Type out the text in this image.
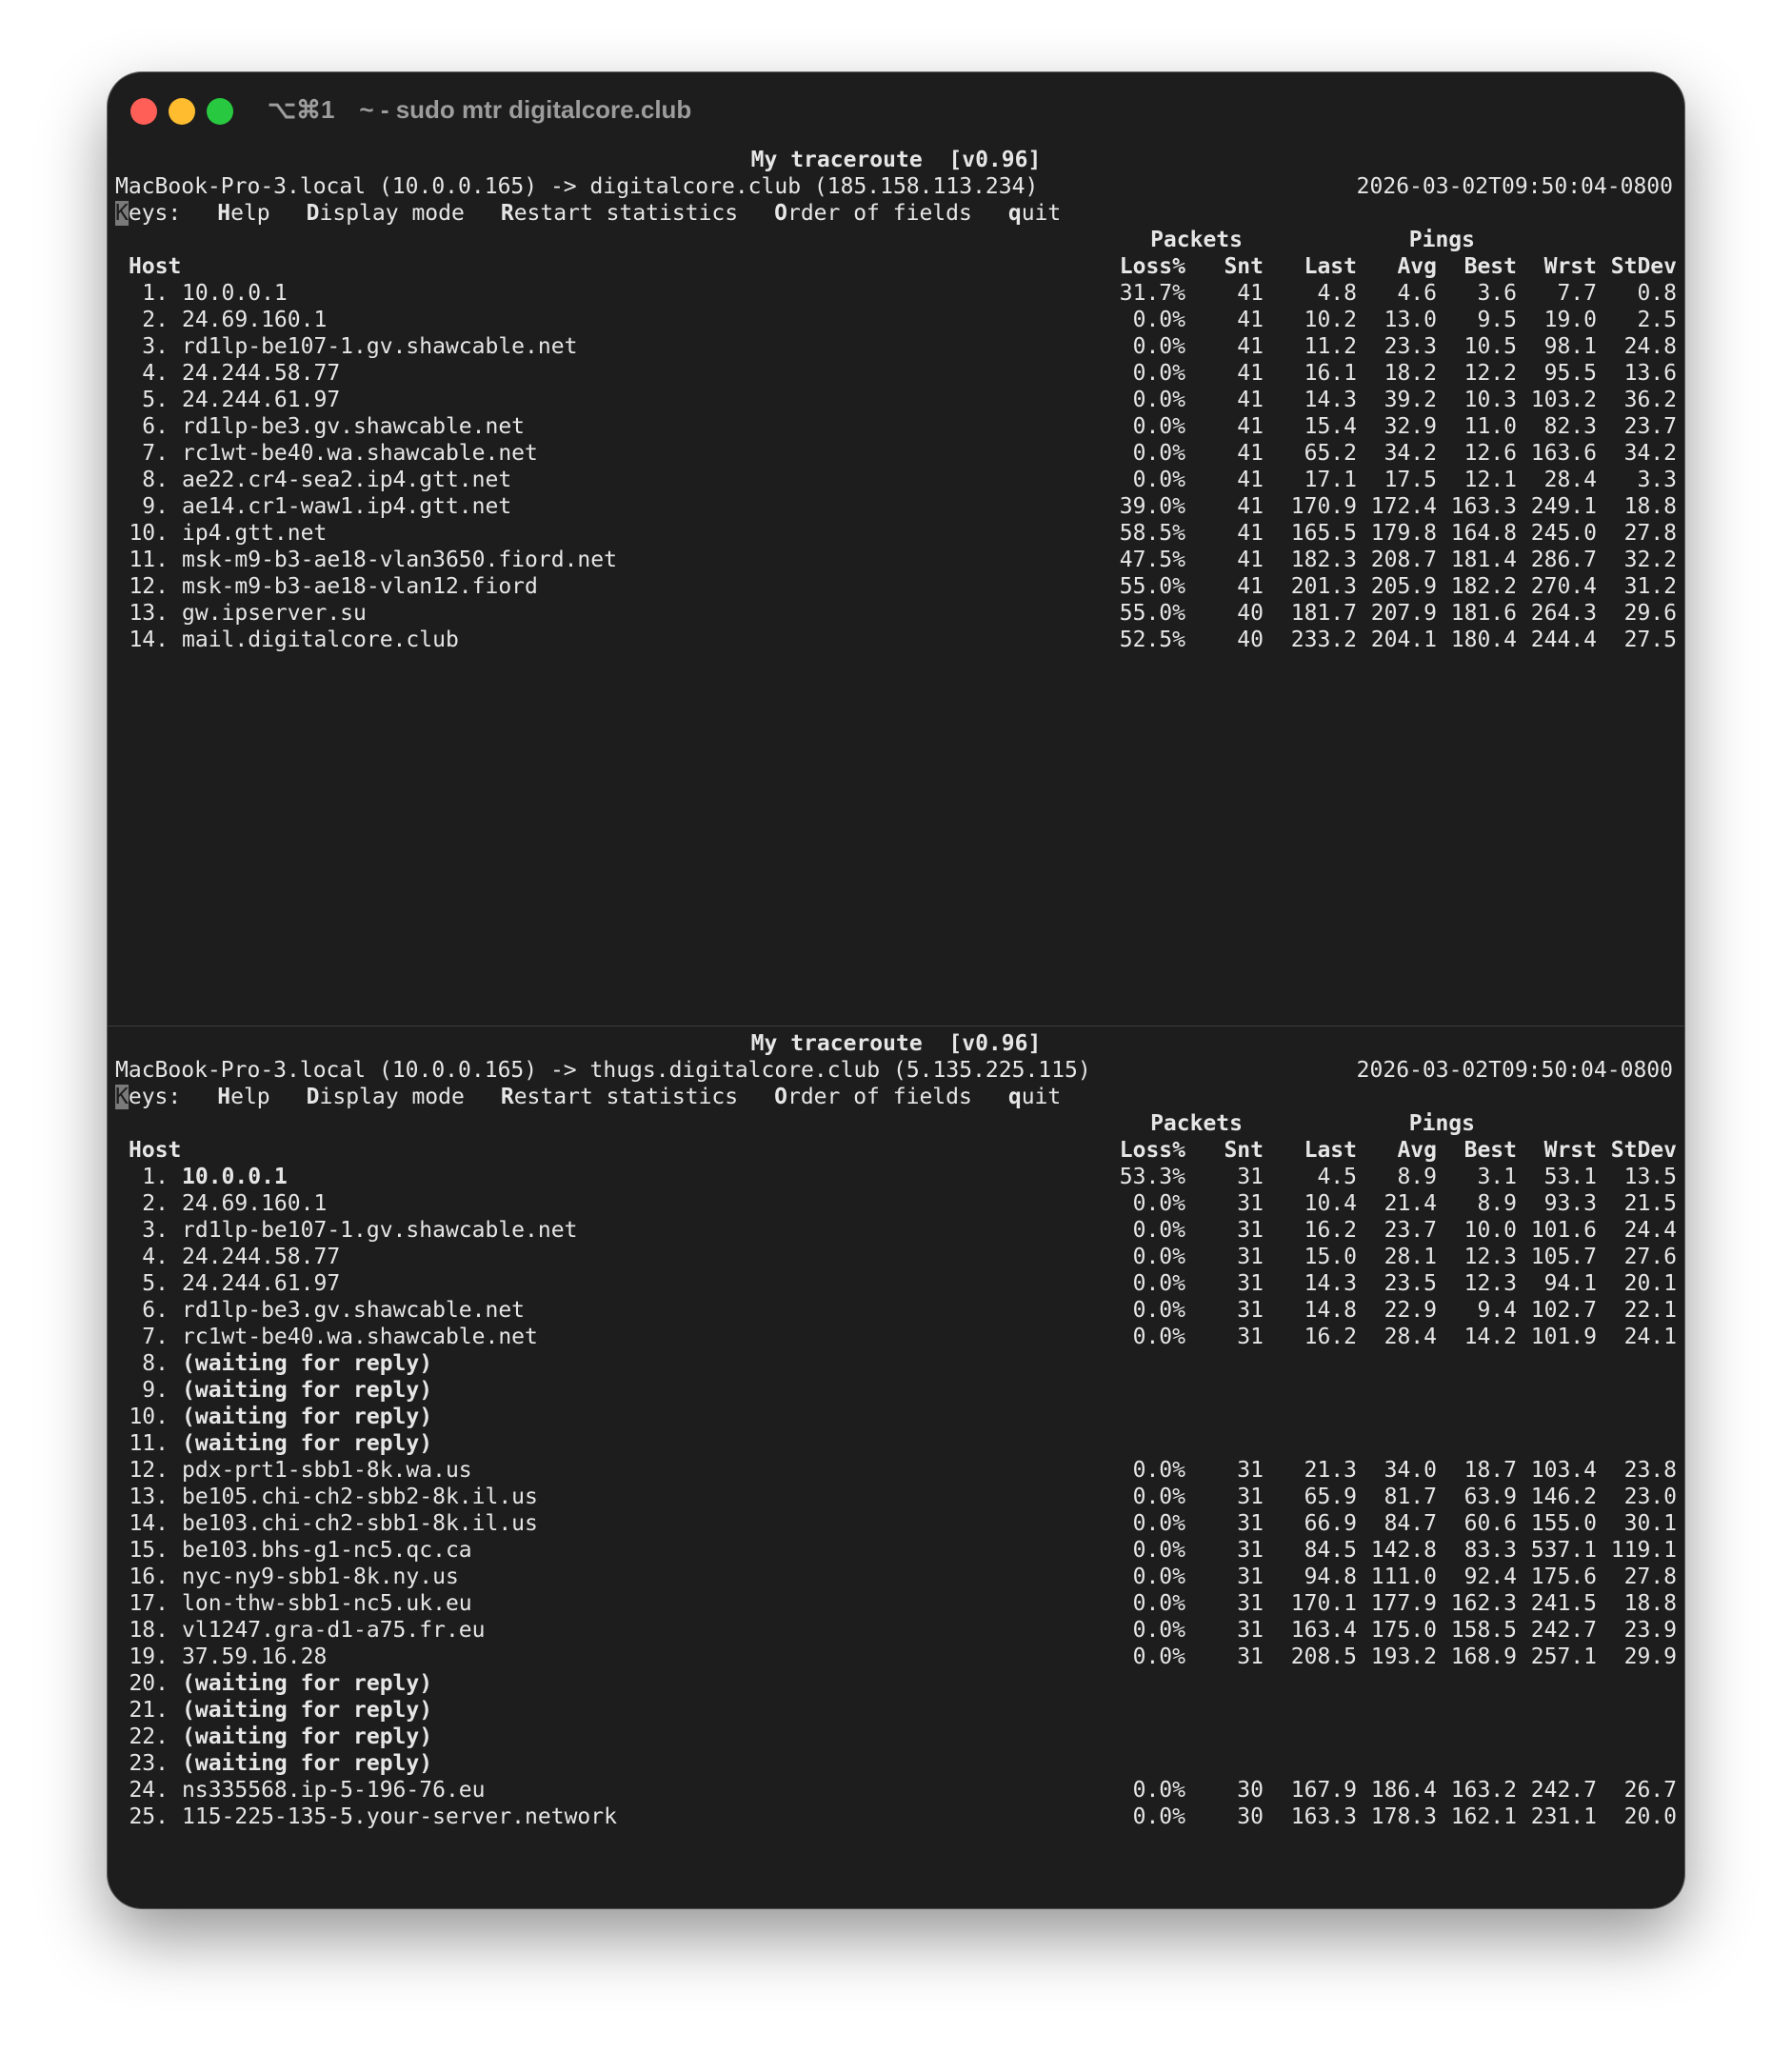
⌥⌘1 ~ - sudo mtr digitalcore.club
My traceroute  [v0.96]
MacBook-Pro-3.local (10.0.0.165) -> digitalcore.club (185.158.113.234)	2026-03-02T09:50:04-0800
Keys: Help Display mode Restart statistics Order of fields quit
Packets	Pings
Host	Loss% Snt Last Avg Best Wrst StDev
1. 10.0.0.1	31.7% 41 4.8 4.6 3.6 7.7 0.8
2. 24.69.160.1	0.0% 41 10.2 13.0 9.5 19.0 2.5
3. rd1lp-be107-1.gv.shawcable.net	0.0% 41 11.2 23.3 10.5 98.1 24.8
4. 24.244.58.77	0.0% 41 16.1 18.2 12.2 95.5 13.6
5. 24.244.61.97	0.0% 41 14.3 39.2 10.3 103.2 36.2
6. rd1lp-be3.gv.shawcable.net	0.0% 41 15.4 32.9 11.0 82.3 23.7
7. rc1wt-be40.wa.shawcable.net	0.0% 41 65.2 34.2 12.6 163.6 34.2
8. ae22.cr4-sea2.ip4.gtt.net	0.0% 41 17.1 17.5 12.1 28.4 3.3
9. ae14.cr1-waw1.ip4.gtt.net	39.0% 41 170.9 172.4 163.3 249.1 18.8
10. ip4.gtt.net	58.5% 41 165.5 179.8 164.8 245.0 27.8
11. msk-m9-b3-ae18-vlan3650.fiord.net	47.5% 41 182.3 208.7 181.4 286.7 32.2
12. msk-m9-b3-ae18-vlan12.fiord	55.0% 41 201.3 205.9 182.2 270.4 31.2
13. gw.ipserver.su	55.0% 40 181.7 207.9 181.6 264.3 29.6
14. mail.digitalcore.club	52.5% 40 233.2 204.1 180.4 244.4 27.5
My traceroute  [v0.96]
MacBook-Pro-3.local (10.0.0.165) -> thugs.digitalcore.club (5.135.225.115)	2026-03-02T09:50:04-0800
Keys: Help Display mode Restart statistics Order of fields quit
Packets	Pings
Host	Loss% Snt Last Avg Best Wrst StDev
1. 10.0.0.1	53.3% 31 4.5 8.9 3.1 53.1 13.5
2. 24.69.160.1	0.0% 31 10.4 21.4 8.9 93.3 21.5
3. rd1lp-be107-1.gv.shawcable.net	0.0% 31 16.2 23.7 10.0 101.6 24.4
4. 24.244.58.77	0.0% 31 15.0 28.1 12.3 105.7 27.6
5. 24.244.61.97	0.0% 31 14.3 23.5 12.3 94.1 20.1
6. rd1lp-be3.gv.shawcable.net	0.0% 31 14.8 22.9 9.4 102.7 22.1
7. rc1wt-be40.wa.shawcable.net	0.0% 31 16.2 28.4 14.2 101.9 24.1
8. (waiting for reply)
9. (waiting for reply)
10. (waiting for reply)
11. (waiting for reply)
12. pdx-prt1-sbb1-8k.wa.us	0.0% 31 21.3 34.0 18.7 103.4 23.8
13. be105.chi-ch2-sbb2-8k.il.us	0.0% 31 65.9 81.7 63.9 146.2 23.0
14. be103.chi-ch2-sbb1-8k.il.us	0.0% 31 66.9 84.7 60.6 155.0 30.1
15. be103.bhs-g1-nc5.qc.ca	0.0% 31 84.5 142.8 83.3 537.1 119.1
16. nyc-ny9-sbb1-8k.ny.us	0.0% 31 94.8 111.0 92.4 175.6 27.8
17. lon-thw-sbb1-nc5.uk.eu	0.0% 31 170.1 177.9 162.3 241.5 18.8
18. vl1247.gra-d1-a75.fr.eu	0.0% 31 163.4 175.0 158.5 242.7 23.9
19. 37.59.16.28	0.0% 31 208.5 193.2 168.9 257.1 29.9
20. (waiting for reply)
21. (waiting for reply)
22. (waiting for reply)
23. (waiting for reply)
24. ns335568.ip-5-196-76.eu	0.0% 30 167.9 186.4 163.2 242.7 26.7
25. 115-225-135-5.your-server.network	0.0% 30 163.3 178.3 162.1 231.1 20.0
